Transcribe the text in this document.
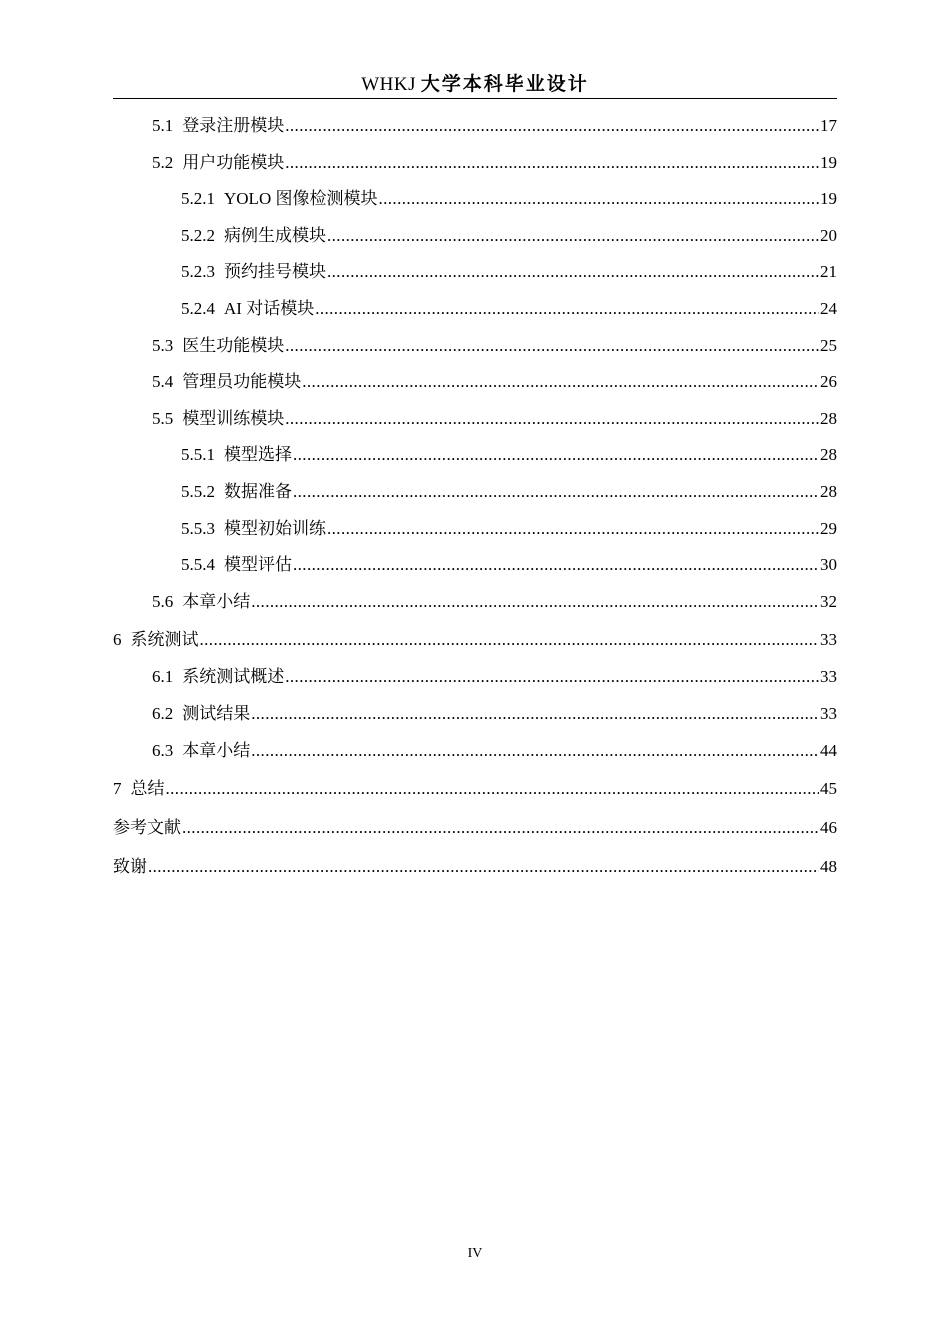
WHKJ 大学本科毕业设计
5.1 登录注册模块 .....	17
5.2 用户功能模块 .....	19
5.2.1 YOLO 图像检测模块 .....	19
5.2.2 病例生成模块 .....	20
5.2.3 预约挂号模块 .....	21
5.2.4 AI 对话模块 .....	24
5.3 医生功能模块 .....	25
5.4 管理员功能模块 .....	26
5.5 模型训练模块 .....	28
5.5.1 模型选择 .....	28
5.5.2 数据准备 .....	28
5.5.3 模型初始训练 .....	29
5.5.4 模型评估 .....	30
5.6 本章小结 .....	32
6 系统测试 .....	33
6.1 系统测试概述 .....	33
6.2 测试结果 .....	33
6.3 本章小结 .....	44
7 总结 .....	45
参考文献 .....	46
致谢 .....	48
IV
